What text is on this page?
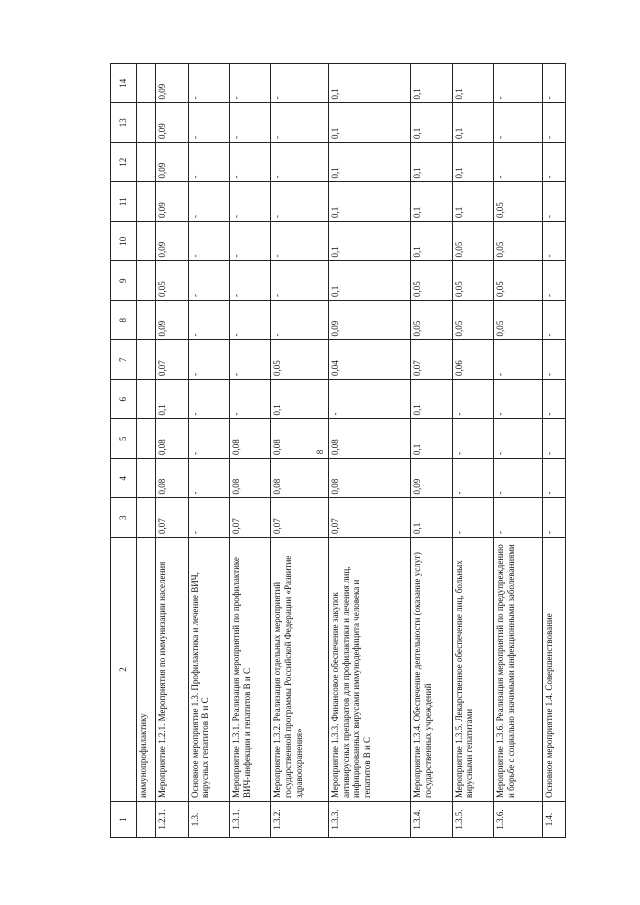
8
1	2	3	4	5	6	7	8	9	10	11	12	13	14
	иммунопрофилактику												
1.2.1.	Мероприятие 1.2.1. Мероприятия по иммунизации населения	0,07	0,08	0,08	0,1	0,07	0,09	0,05	0,09	0,09	0,09	0,09	0,09
1.3.	Основное мероприятие 1.3. Профилактика и лечение ВИЧ, вирусных гепатитов В и С	-	-	-	-	-	-	-	-	-	-	-	-
1.3.1.	Мероприятие 1.3.1. Реализация мероприятий по профилактике ВИЧ-инфекции и гепатитов В и С	0,07	0,08	0,08	-	-	-	-	-	-	-	-	-
1.3.2.	Мероприятие 1.3.2. Реализация отдельных мероприятий государственной программы Российской Федерации «Развитие здравоохранения»	0,07	0,08	0,08	0,1	0,05	-	-	-	-	-	-	-
1.3.3.	Мероприятие 1.3.3. Финансовое обеспечение закупок антивирусных препаратов для профилактики и лечения лиц, инфицированных вирусами иммунодефицита человека и гепатитов В и С	0,07	0,08	0,08	-	0,04	0,09	0,1	0,1	0,1	0,1	0,1	0,1
1.3.4.	Мероприятие 1.3.4. Обеспечение деятельности (оказание услуг) государственных учреждений	0,1	0,09	0,1	0,1	0,07	0,05	0,05	0,1	0,1	0,1	0,1	0,1
1.3.5.	Мероприятие 1.3.5. Лекарственное обеспечение лиц, больных вирусными гепатитами	-	-	-	-	0,06	0,05	0,05	0,05	0,1	0,1	0,1	0,1
1.3.6.	Мероприятие 1.3.6. Реализация мероприятий по предупреждению и борьбе с социально значимыми инфекционными заболеваниями	-	-	-	-	-	0,05	0,05	0,05	0,05	-	-	-
1.4.	Основное мероприятие 1.4. Совершенствование	-	-	-	-	-	-	-	-	-	-	-	-
